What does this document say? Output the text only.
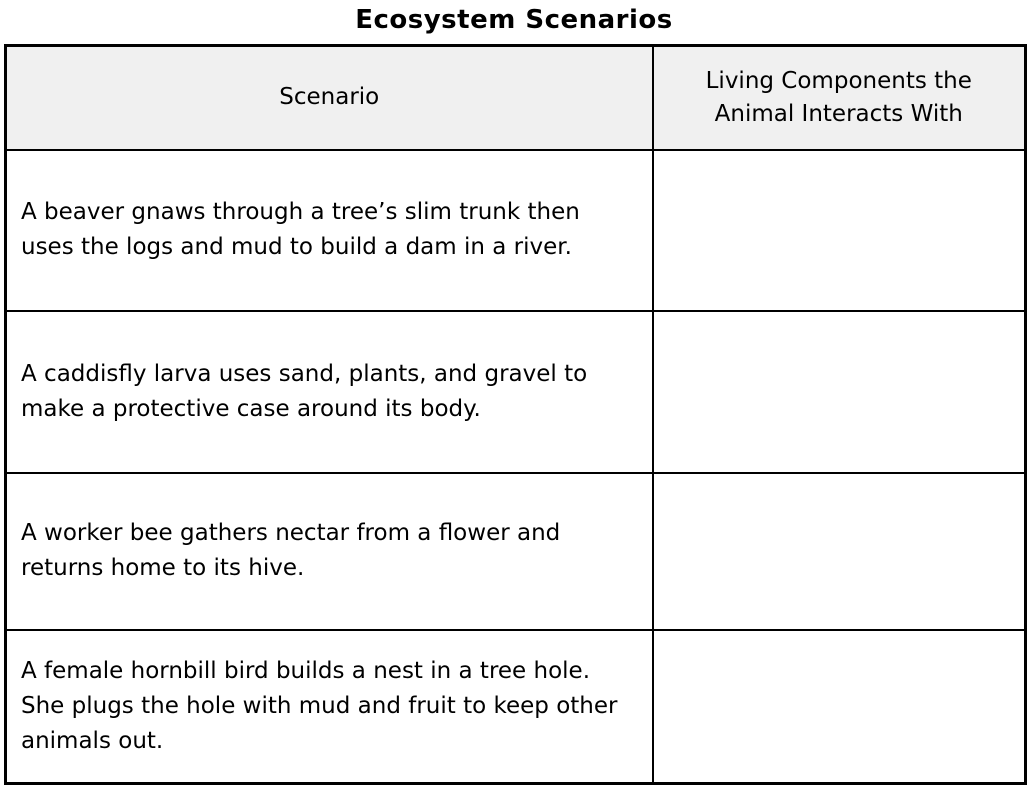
Ecosystem Scenarios
Scenario	Living Components the Animal Interacts With
A beaver gnaws through a tree’s slim trunk then uses the logs and mud to build a dam in a river.	
A caddisfly larva uses sand, plants, and gravel to make a protective case around its body.	
A worker bee gathers nectar from a flower and returns home to its hive.	
A female hornbill bird builds a nest in a tree hole. She plugs the hole with mud and fruit to keep other animals out.	
